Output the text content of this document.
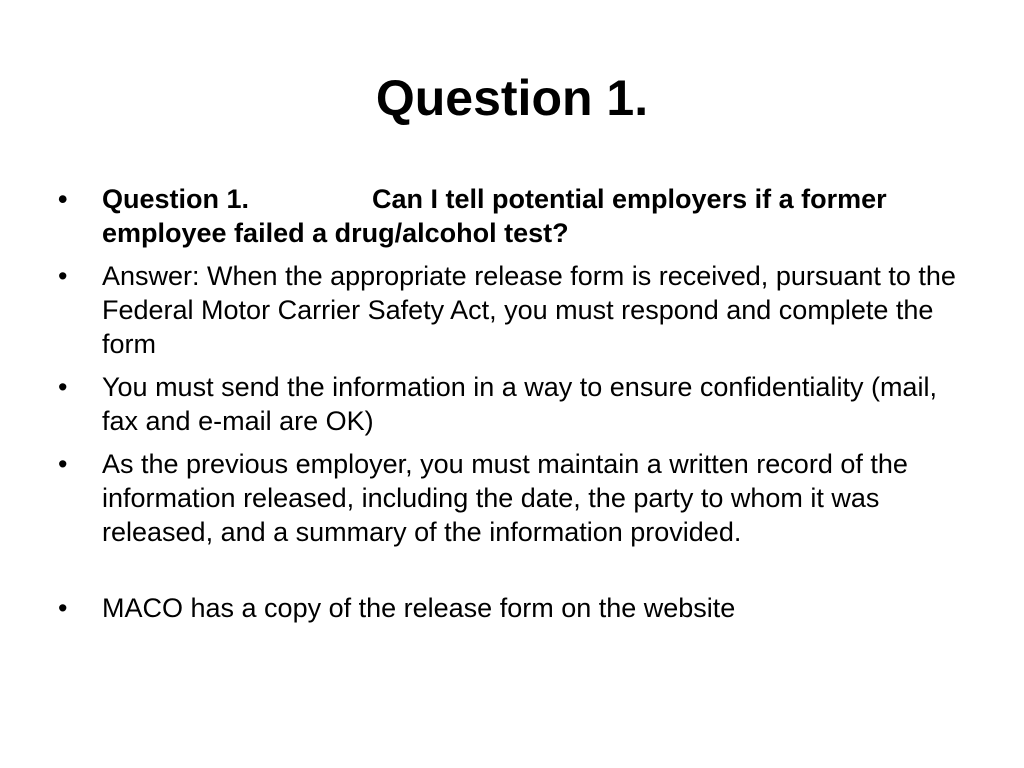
Question 1.
•	Question 1.	Can I tell potential employers if a former employee failed a drug/alcohol test?
•	Answer: When the appropriate release form is received, pursuant to the Federal Motor Carrier Safety Act, you must respond and complete the form
•	You must send the information in a way to ensure confidentiality (mail, fax and e-mail are OK)
•	As the previous employer, you must maintain a written record of the information released, including the date, the party to whom it was released, and a summary of the information provided.
•	MACO has a copy of the release form on the website
